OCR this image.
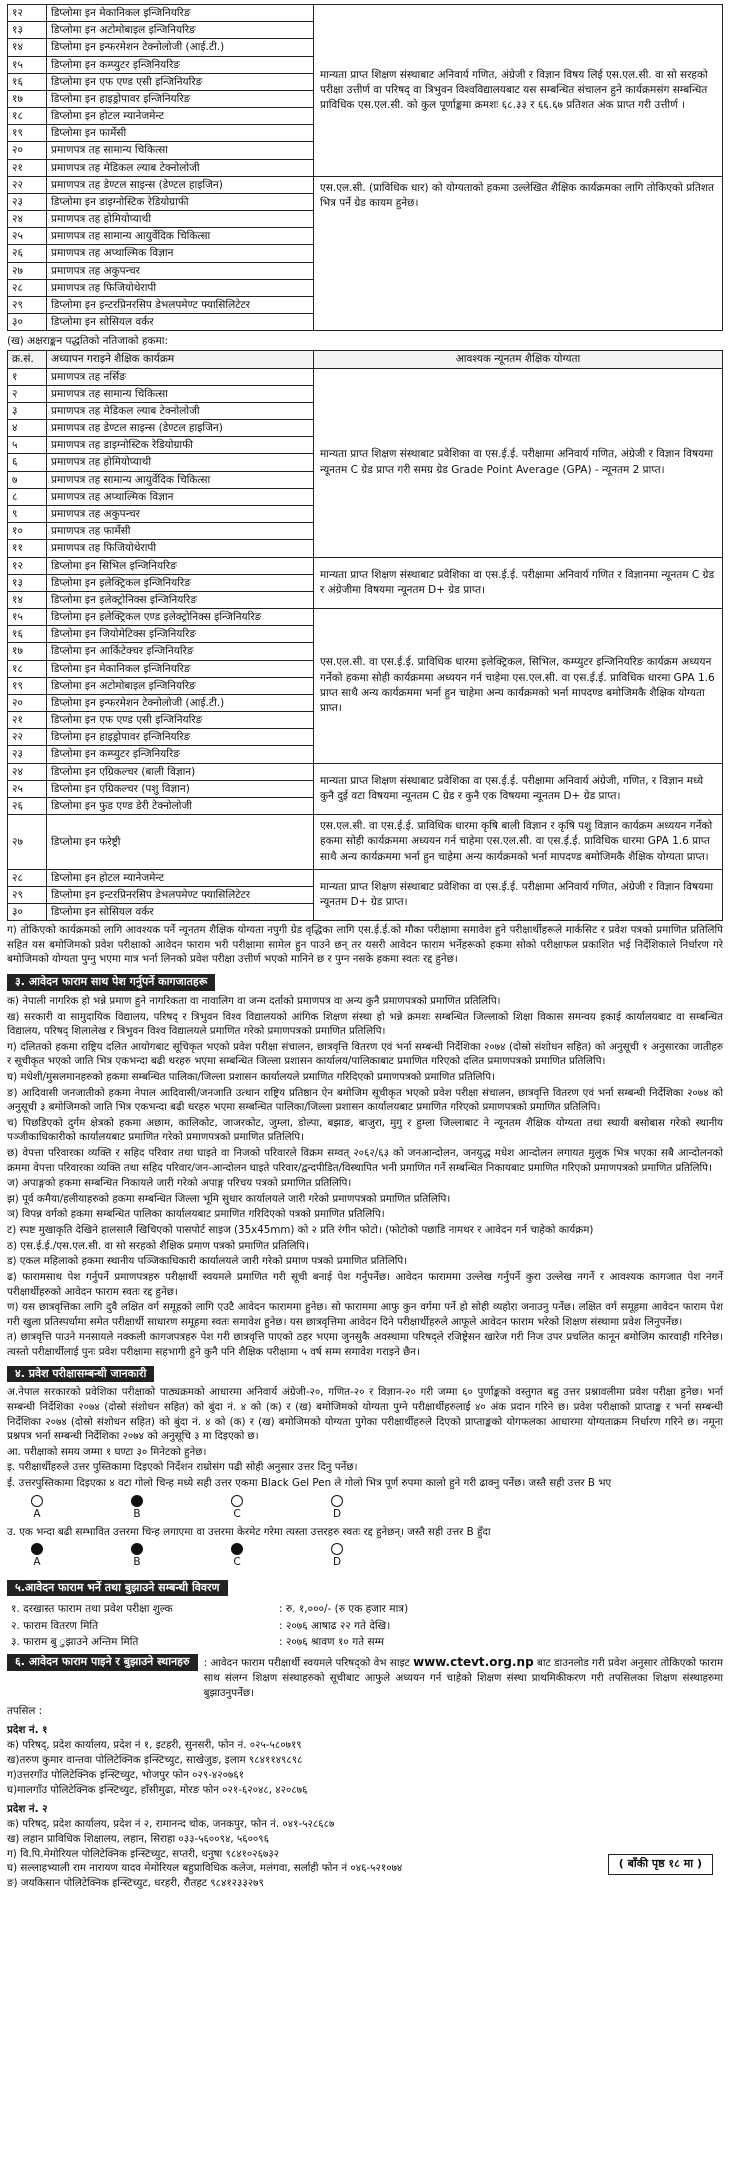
१२	डिप्लोमा इन मेकानिकल इन्जिनियरिङ	मान्यता प्राप्त शिक्षण संस्थाबाट अनिवार्य गणित, अंग्रेजी र विज्ञान विषय लिई एस.एल.सी. वा सो सरहको परीक्षा उत्तीर्ण वा परिषद् वा त्रिभुवन विश्वविद्यालयबाट यस सम्बन्धित संचालन हुने कार्यक्रमसंग सम्बन्धित प्राविधिक एस.एल.सी. को कुल पूर्णाङ्कमा क्रमशः ६८.३३ र ६६.६७ प्रतिशत अंक प्राप्त गरी उत्तीर्ण ।
१३	डिप्लोमा इन अटोमोबाइल इन्जिनियरिङ	
१४	डिप्लोमा इन इन्फरमेशन टेक्नोलोजी (आई.टी.)	
१५	डिप्लोमा इन कम्प्युटर इन्जिनियरिङ	
१६	डिप्लोमा इन एफ एण्ड एसी इन्जिनियरिङ	
१७	डिप्लोमा इन हाइड्रोपावर इन्जिनियरिङ	
१८	डिप्लोमा इन होटल म्यानेजमेन्ट	
१९	डिप्लोमा इन फार्मेसी	
२०	प्रमाणपत्र तह सामान्य चिकित्सा	
२१	प्रमाणपत्र तह मेडिकल ल्याब टेक्नोलोजी	
२२	प्रमाणपत्र तह डेण्टल साइन्स (डेण्टल हाइजिन)	एस.एल.सी. (प्राविधिक धार) को योग्यताको हकमा उल्लेखित शैक्षिक कार्यक्रमका लागि तोकिएको प्रतिशत भित्र पर्ने ग्रेड कायम हुनेछ।
२३	डिप्लोमा इन डाइग्नोस्टिक रेडियोग्राफी	
२४	प्रमाणपत्र तह होमियोप्याथी	
२५	प्रमाणपत्र तह सामान्य आयुर्वेदिक चिकित्सा	
२६	प्रमाणपत्र तह अप्थाल्मिक विज्ञान	
२७	प्रमाणपत्र तह अकुपन्चर	
२८	प्रमाणपत्र तह फिजियोथेरापी	
२९	डिप्लोमा इन इन्टरप्रिनरसिप डेभलपमेण्ट फ्यासिलिटेटर	
३०	डिप्लोमा इन सोसियल वर्कर	
(ख) अक्षराङ्कन पद्धतिको नतिजाको हकमा:
क्र.सं.	अध्यापन गराइने शैक्षिक कार्यक्रम	आवश्यक न्यूनतम शैक्षिक योग्यता
१	प्रमाणपत्र तह नर्सिङ	मान्यता प्राप्त शिक्षण संस्थाबाट प्रवेशिका वा एस.ई.ई. परीक्षामा अनिवार्य गणित, अंग्रेजी र विज्ञान विषयमा न्यूनतम C ग्रेड प्राप्त गरी समग्र ग्रेड Grade Point Average (GPA) - न्यूनतम 2 प्राप्त।
२	प्रमाणपत्र तह सामान्य चिकित्सा	
३	प्रमाणपत्र तह मेडिकल ल्याब टेक्नोलोजी	
४	प्रमाणपत्र तह डेण्टल साइन्स (डेण्टल हाइजिन)	
५	प्रमाणपत्र तह डाइग्नोस्टिक रेडियोग्राफी	
६	प्रमाणपत्र तह होमियोप्याथी	
७	प्रमाणपत्र तह सामान्य आयुर्वेदिक चिकित्सा	
८	प्रमाणपत्र तह अप्थाल्मिक विज्ञान	
९	प्रमाणपत्र तह अकुपन्चर	
१०	प्रमाणपत्र तह फार्मेसी	
११	प्रमाणपत्र तह फिजियोथेरापी	
१२	डिप्लोमा इन सिभिल इन्जिनियरिङ	मान्यता प्राप्त शिक्षण संस्थाबाट प्रवेशिका वा एस.ई.ई. परीक्षामा अनिवार्य गणित र विज्ञानमा न्यूनतम C ग्रेड र अंग्रेजीमा विषयमा न्यूनतम D+ ग्रेड प्राप्त।
१३	डिप्लोमा इन इलेक्ट्रिकल इन्जिनियरिङ	
१४	डिप्लोमा इन इलेक्ट्रोनिक्स इन्जिनियरिङ	
१५	डिप्लोमा इन इलेक्ट्रिकल एण्ड इलेक्ट्रोनिक्स इन्जिनियरिङ	एस.एल.सी. वा एस.ई.ई. प्राविधिक धारमा इलेक्ट्रिकल, सिभिल, कम्प्युटर इन्जिनियरिङ कार्यक्रम अध्ययन गर्नेको हकमा सोही कार्यक्रममा अध्ययन गर्न चाहेमा एस.एल.सी. वा एस.ई.ई. प्राविधिक धारमा GPA 1.6 प्राप्त साथै अन्य कार्यक्रममा भर्ना हुन चाहेमा अन्य कार्यक्रमको भर्ना मापदण्ड बमोजिमकै शैक्षिक योग्यता प्राप्त।
१६	डिप्लोमा इन जियोमेटिक्स इन्जिनियरिङ	
१७	डिप्लोमा इन आर्किटेक्चर इन्जिनियरिङ	
१८	डिप्लोमा इन मेकानिकल इन्जिनियरिङ	
१९	डिप्लोमा इन अटोमोबाइल इन्जिनियरिङ	
२०	डिप्लोमा इन इन्फरमेशन टेक्नोलोजी (आई.टी.)	
२१	डिप्लोमा इन एफ एण्ड एसी इन्जिनियरिङ	
२२	डिप्लोमा इन हाइड्रोपावर इन्जिनियरिङ	
२३	डिप्लोमा इन कम्प्युटर इन्जिनियरिङ	
२४	डिप्लोमा इन एग्रिकल्चर (बाली विज्ञान)	मान्यता प्राप्त शिक्षण संस्थाबाट प्रवेशिका वा एस.ई.ई. परीक्षामा अनिवार्य अंग्रेजी, गणित, र विज्ञान मध्ये कुनै दुई वटा विषयमा न्यूनतम C ग्रेड र कुनै एक विषयमा न्यूनतम D+ ग्रेड प्राप्त।
२५	डिप्लोमा इन एग्रिकल्चर (पशु विज्ञान)	
२६	डिप्लोमा इन फुड एण्ड डेरी टेक्नोलोजी	
२७	डिप्लोमा इन फरेष्ट्री	एस.एल.सी. वा एस.ई.ई. प्राविधिक धारमा कृषि बाली विज्ञान र कृषि पशु विज्ञान कार्यक्रम अध्ययन गर्नेको हकमा सोही कार्यक्रममा अध्ययन गर्न चाहेमा एस.एल.सी. वा एस.ई.ई. प्राविधिक धारमा GPA 1.6 प्राप्त साथै अन्य कार्यक्रममा भर्ना हुन चाहेमा अन्य कार्यक्रमको भर्ना मापदण्ड बमोजिमकै शैक्षिक योग्यता प्राप्त।
२८	डिप्लोमा इन होटल म्यानेजमेन्ट	मान्यता प्राप्त शिक्षण संस्थाबाट प्रवेशिका वा एस.ई.ई. परीक्षामा अनिवार्य गणित, अंग्रेजी र विज्ञान विषयमा न्यूनतम D+ ग्रेड प्राप्त।
२९	डिप्लोमा इन इन्टरप्रिनरसिप डेभलपमेण्ट फ्यासिलिटेटर	
३०	डिप्लोमा इन सोसियल वर्कर	

ग) तोकिएको कार्यक्रमको लागि आवश्यक पर्ने न्यूनतम शैक्षिक योग्यता नपुगी ग्रेड वृद्धिका लागि एस.ई.ई.को मौका परीक्षामा समावेश हुने परीक्षार्थीहरूले मार्कसिट र प्रवेश पत्रको प्रमाणित प्रतिलिपि सहित यस बमोजिमको प्रवेश परीक्षाको आवेदन फाराम भरी परीक्षामा सामेल हुन पाउने छन् तर यसरी आवेदन फाराम भर्नेहरूको हकमा सोको परीक्षाफल प्रकाशित भई निर्देशिकाले निर्धारण गरे बमोजिमको योग्यता पुग्नु भएमा मात्र भर्ना लिनको प्रवेश परीक्षा उत्तीर्ण भएको मानिने छ र पुग्न नसके हकमा स्वतः रद्द हुनेछ।

३. आवेदन फाराम साथ पेश गर्नुपर्ने कागजातहरू

क) नेपाली नागरिक हो भन्ने प्रमाण हुने नागरिकता वा नावालिग वा जन्म दर्ताको प्रमाणपत्र वा अन्य कुनै प्रमाणपत्रको प्रमाणित प्रतिलिपि।

ख) सरकारी वा सामुदायिक विद्यालय, परिषद् र त्रिभुवन विश्व विद्यालयको आंगिक शिक्षण संस्था हो भन्ने क्रमशः सम्बन्धित जिल्लाको शिक्षा विकास समन्वय इकाई कार्यालयबाट वा सम्बन्धित विद्यालय, परिषद् शिलालेख र त्रिभुवन विश्व विद्यालयले प्रमाणित गरेको प्रमाणपत्रको प्रमाणित प्रतिलिपि।

ग) दलितको हकमा राष्ट्रिय दलित आयोगबाट सूचिकृत भएको प्रवेश परीक्षा संचालन, छात्रवृत्ति वितरण एवं भर्ना सम्बन्धी निर्देशिका २०७४ (दोस्रो संशोधन सहित) को अनुसूची १ अनुसारका जातीहरु र सूचीकृत भएको जाति भित्र एकभन्दा बढी थरहरु भएमा सम्बन्धित जिल्ला प्रशासन कार्यालय/पालिकाबाट प्रमाणित गरिएको दलित प्रमाणपत्रको प्रमाणित प्रतिलिपि।

घ) मधेशी/मुसलमानहरुको हकमा सम्बन्धित पालिका/जिल्ला प्रशासन कार्यालयले प्रमाणित गरिदिएको प्रमाणपत्रको प्रमाणित प्रतिलिपि।

ङ) आदिवासी जनजातीको हकमा नेपाल आदिवासी/जनजाति उत्थान राष्ट्रिय प्रतिष्ठान ऐन बमोजिम सूचीकृत भएको प्रवेश परीक्षा संचालन, छात्रवृत्ति वितरण एवं भर्ना सम्बन्धी निर्देशिका २०७४ को अनुसूची ३ बमोजिमको जाति भित्र एकभन्दा बढी थरहरु भएमा सम्बन्धित पालिका/जिल्ला प्रशासन कार्यालयबाट प्रमाणित गरिएको प्रमाणपत्रको प्रमाणित प्रतिलिपि।

च) पिछडिएको दुर्गम क्षेत्रको हकमा अछाम, कालिकोट, जाजरकोट, जुम्ला, डोल्पा, बझाङ, बाजुरा, मुगु र हुम्ला जिल्लाबाट ने न्यूनतम शैक्षिक योग्यता तथा स्थायी बसोबास गरेको स्थानीय पञ्जीकाधिकारीको कार्यालयबाट प्रमाणित गरेको प्रमाणपत्रको प्रमाणित प्रतिलिपि।

छ) वेपत्ता परिवारका व्यक्ति र सहिद परिवार तथा घाइते वा निजको परिवारले विक्रम सम्वत् २०६२/६३ को जनआन्दोलन, जनयुद्ध मधेश आन्दोलन लगायत मुलुक भित्र भएका सबै आन्दोलनको क्रममा वेपत्ता परिवारका व्यक्ति तथा सहिद परिवार/जन-आन्दोलन घाइते परिवार/द्वन्दपीडित/विस्थापित भनी प्रमाणित गर्ने सम्बन्धित निकायबाट प्रमाणित गरिएको प्रमाणपत्रको प्रमाणित प्रतिलिपि।

ज) अपाङ्गको हकमा सम्बन्धित निकायले जारी गरेको अपाङ्ग परिचय पत्रको प्रमाणित प्रतिलिपि।

झ) पूर्व कमैया/हलीयाहरुको हकमा सम्बन्धित जिल्ला भूमि सुधार कार्यालयले जारी गरेको प्रमाणपत्रको प्रमाणित प्रतिलिपि।

ञ) विपन्न वर्गको हकमा सम्बन्धित पालिका कार्यालयबाट प्रमाणित गरिदिएको पत्रको प्रमाणित प्रतिलिपि।

ट) स्पष्ट मुखाकृति देखिने हालसालै खिचिएको पासपोर्ट साइज (35x45mm) को २ प्रति रंगीन फोटो। (फोटोको पछाडि नामथर र आवेदन गर्न चाहेको कार्यक्रम)

ठ) एस.ई.ई./एस.एल.सी. वा सो सरहको शैक्षिक प्रमाण पत्रको प्रमाणित प्रतिलिपि।

ड) एकल महिलाको हकमा स्थानीय पञ्जिकाधिकारी कार्यालयले जारी गरेको प्रमाण पत्रको प्रमाणित प्रतिलिपि।

ढ) फारामसाथ पेश गर्नुपर्ने प्रमाणपत्रहरु परीक्षार्थी स्वयमले प्रमाणित गरी सूची बनाई पेश गर्नुपर्नेछ। आवेदन फाराममा उल्लेख गर्नुपर्ने कुरा उल्लेख नगर्ने र आवश्यक कागजात पेश नगर्ने परीक्षार्थीहरुको आवेदन फाराम स्वतः रद्द हुनेछ।

ण) यस छात्रवृत्तिका लागि दुवै लक्षित वर्ग समूहको लागि एउटै आवेदन फाराममा हुनेछ। सो फाराममा आफु कुन वर्गमा पर्ने हो सोही व्यहोरा जनाउनु पर्नेछ। लक्षित वर्ग समूहमा आवेदन फाराम पेश गरी खुला प्रतिस्पर्धामा समेत परीक्षार्थी साधारण समूहमा स्वतः समावेश हुनेछ। यस छात्रवृत्तिमा आवेदन दिने परीक्षार्थीहरुले आफूले आवेदन फाराम भरेको शिक्षण संस्थामा प्रवेश लिनुपर्नेछ।

त) छात्रवृत्ति पाउने मनसायले नक्कली कागजपत्रहरु पेश गरी छात्रवृत्ति पाएको ठहर भएमा जुनसुकै अवस्थामा परिषद्ले रजिष्ट्रेसन खारेज गरी निज उपर प्रचलित कानून बमोजिम कारवाही गरिनेछ। त्यस्तो परीक्षार्थीलाई पुनः प्रवेश परीक्षामा सहभागी हुने कुनै पनि शैक्षिक परीक्षामा ५ वर्ष सम्म समावेश गराइने छैन।

४. प्रवेश परीक्षासम्बन्धी जानकारी

अ.नेपाल सरकारको प्रवेशिका परीक्षाको पाठ्यक्रमको आधारमा अनिवार्य अंग्रेजी-२०, गणित-२० र विज्ञान-२० गरी जम्मा ६० पुर्णाङ्कको वस्तुगत बहु उत्तर प्रश्नावलीमा प्रवेश परीक्षा हुनेछ। भर्ना सम्बन्धी निर्देशिका २०७४ (दोस्रो संशोधन सहित) को बुंदा नं. ४ को (क) र (ख) बमोजिमको योग्यता पुग्ने परीक्षार्थीहरुलाई ४० अंक प्रदान गरिने छ। प्रवेश परीक्षाको प्राप्ताङ्क र भर्ना सम्बन्धी निर्देशिका २०७४ (दोस्रो संशोधन सहित) को बुंदा नं. ४ को (क) र (ख) बमोजिमको योग्यता पुगेका परीक्षार्थीहरुले दिएको प्राप्ताङ्कको योगफलका आधारमा योग्यताक्रम निर्धारण गरिने छ। नमूना प्रश्नपत्र भर्ना सम्बन्धी निर्देशिका २०७४ को अनुसूचि ३ मा दिइएको छ।

आ. परीक्षाको समय जम्मा १ घण्टा ३० मिनेटको हुनेछ।

इ. परीक्षार्थीहरुले उत्तर पुस्तिकामा दिइएको निर्देशन राम्रोसंग पढी सोही अनुसार उत्तर दिनु पर्नेछ।

ई. उत्तरपुस्तिकामा दिइएका ४ वटा गोलो चिन्ह मध्ये सही उत्तर एकमा Black Gel Pen ले गोलो भित्र पूर्ण रुपमा कालो हुने गरी ढाक्नु पर्नेछ। जस्तै सही उत्तर B भए

A	B	C	D

उ. एक भन्दा बढी सम्भावित उत्तरमा चिन्ह लगाएमा वा उत्तरमा केरमेट गरेमा त्यस्ता उत्तरहरु स्वतः रद्द हुनेछन्। जस्तै सही उत्तर B हुँदा

A	B	C	D
५.आवेदन फाराम भर्ने तथा बुझाउने सम्बन्धी विवरण
१. दरखास्त फाराम तथा प्रवेश परीक्षा शुल्क	: रु. १,०००/- (रु एक हजार मात्र)
२. फाराम वितरण मिति	: २०७६ आषाढ २२ गते देखि।
३. फाराम बु ुझाउने अन्तिम मिति	: २०७६ श्रावण १० गते सम्म
६. आवेदन फाराम पाइने र बुझाउने स्थानहरु	: आवेदन फाराम परीक्षार्थी स्वयमले परिषद्को वेभ साइट www.ctevt.org.np बाट डाउनलोड गरी प्रवेश अनुसार तोकिएको फाराम साथ संलग्न शिक्षण संस्थाहरुको सूचीबाट आफुले अध्ययन गर्न चाहेको शिक्षण संस्था प्राथमिकीकरण गरी तपसिलका शिक्षण संस्थाहरुमा बुझाउनुपर्नेछ।
तपसिल :
प्रदेश नं. १
क) परिषद्, प्रदेश कार्यालय, प्रदेश नं १, इटहरी, सुनसरी, फोन नं. ०२५-५८०७१९
ख)तरुण कुमार वान्तवा पोलिटेक्निक इन्स्टिच्युट, साखेजुङ, इलाम ९८४११४९८९८
ग)उत्तरगाँउ पोलिटेक्निक इन्स्टिच्युट, भोजपुर फोन ०२९-४२०७६१
घ)मालगाँउ पोलिटेक्निक इन्स्टिच्युट, हाँसीमुढा, मोरङ फोन ०२१-६२०४८, ४२०८७६
प्रदेश नं. २
क) परिषद्, प्रदेश कार्यालय, प्रदेश नं २, रामानन्द चोक, जनकपुर, फोन नं. ०४१-५२८६८७
ख) लहान प्राविधिक शिक्षालय, लहान, सिराहा ०३३-५६००९४, ५६००९६
ग) वि.पि.मेमोरियल पोलिटेक्निक इन्स्टिच्युट, सप्तरी, धनुषा ९८४१०२६७३२
घ) सल्लाहभ्याली राम नारायण यादव मेमोरियल बहुप्राविधिक कलेज, मलंगवा, सर्लाही फोन नं ०४६-५२१०७४
ङ) जयकिसान पोलिटेक्निक इन्स्टिच्युट, धरहरी, रौतहट ९८४१२३३२७९
( बाँकी पृष्ठ १८ मा )
